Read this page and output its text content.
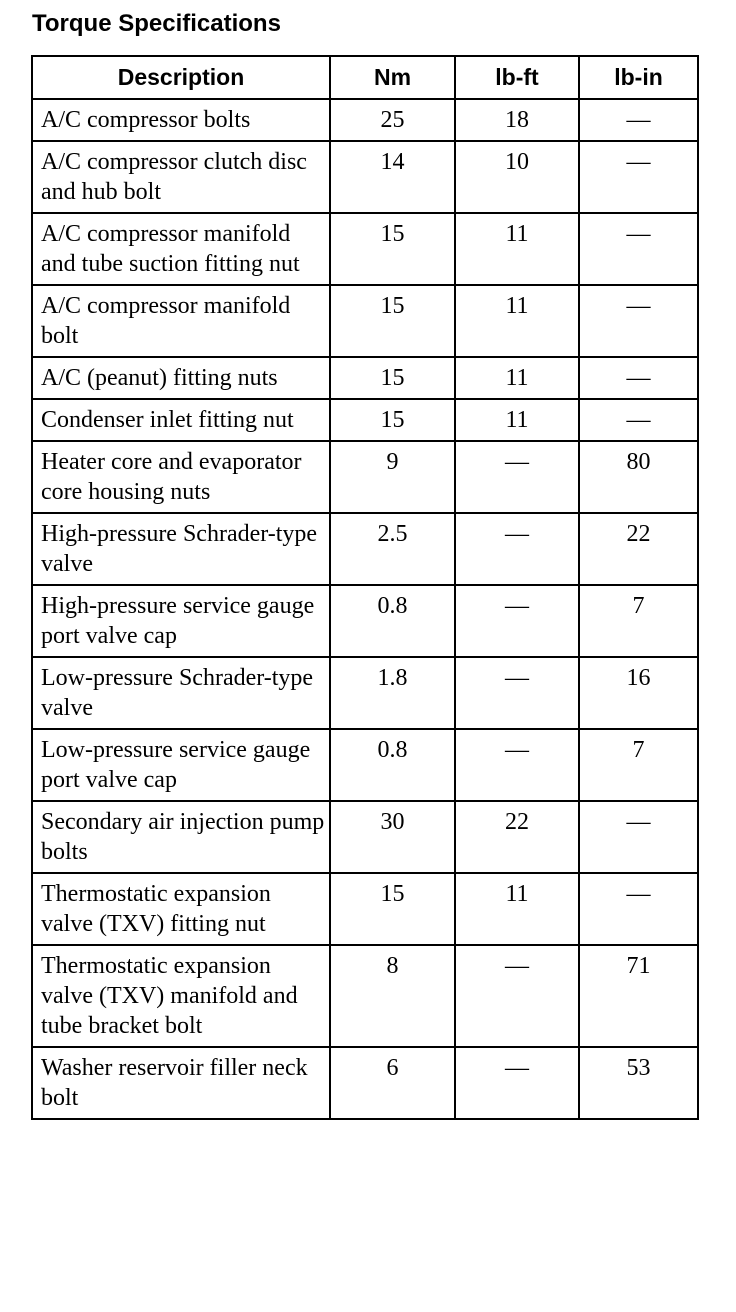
Torque Specifications
Description	Nm	lb-ft	lb-in
A/C compressor bolts	25	18	—
A/C compressor clutch disc and hub bolt	14	10	—
A/C compressor manifold and tube suction fitting nut	15	11	—
A/C compressor manifold bolt	15	11	—
A/C (peanut) fitting nuts	15	11	—
Condenser inlet fitting nut	15	11	—
Heater core and evaporator core housing nuts	9	—	80
High-pressure Schrader-type valve	2.5	—	22
High-pressure service gauge port valve cap	0.8	—	7
Low-pressure Schrader-type valve	1.8	—	16
Low-pressure service gauge port valve cap	0.8	—	7
Secondary air injection pump bolts	30	22	—
Thermostatic expansion valve (TXV) fitting nut	15	11	—
Thermostatic expansion valve (TXV) manifold and tube bracket bolt	8	—	71
Washer reservoir filler neck bolt	6	—	53
